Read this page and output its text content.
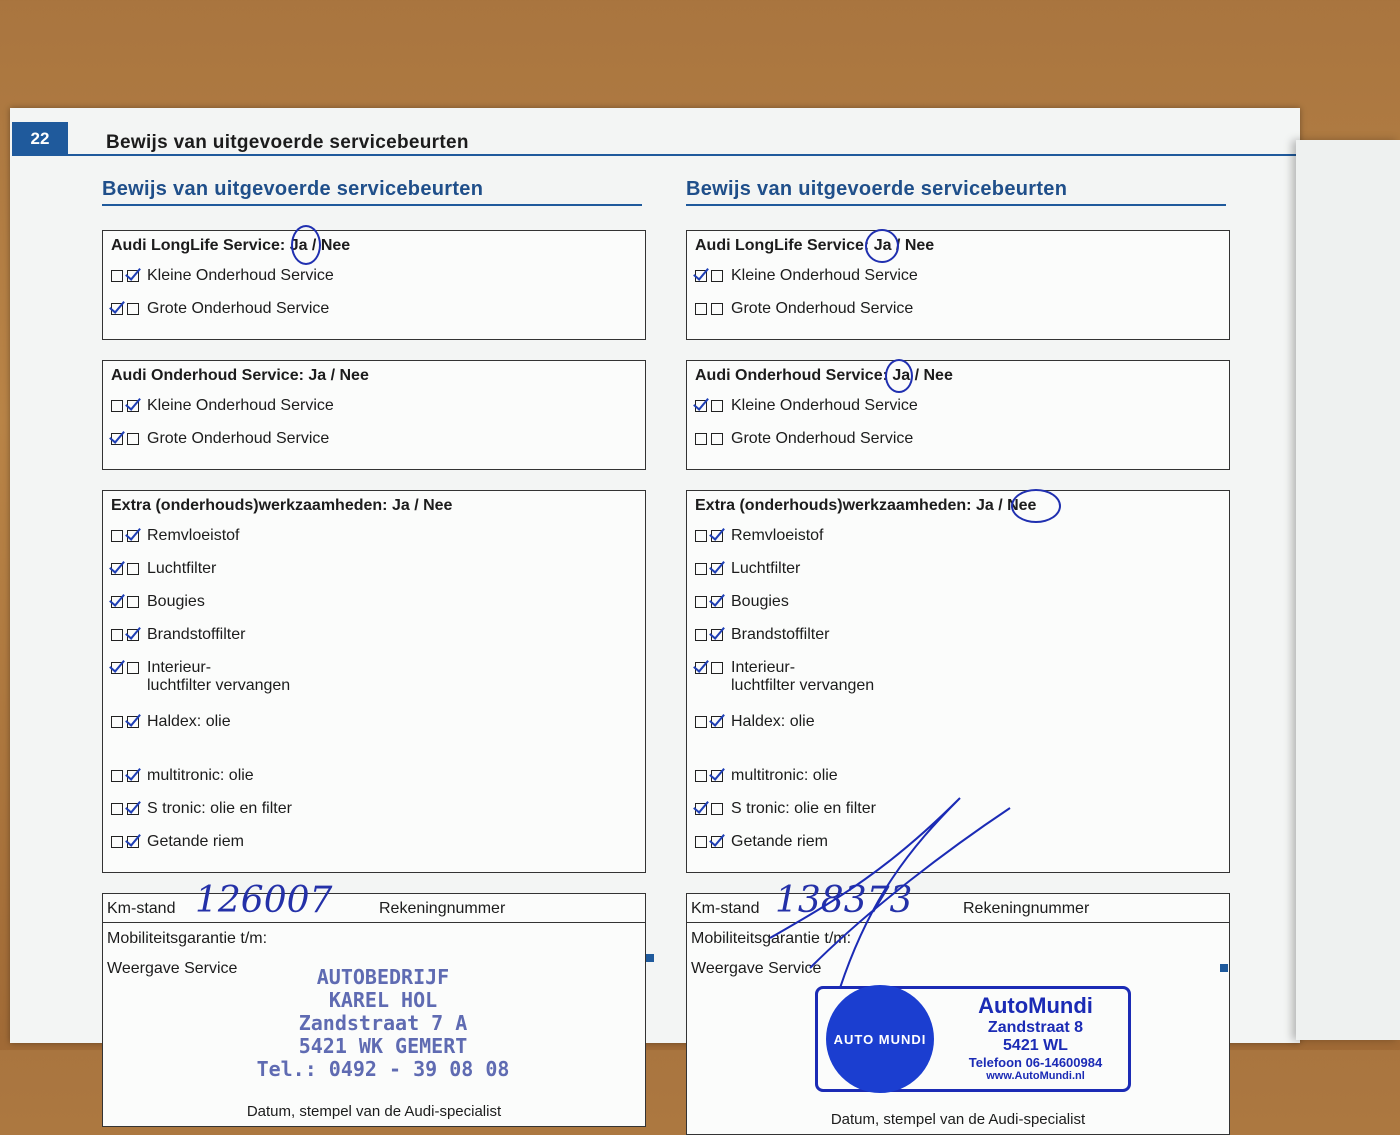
22	Bewijs van uitgevoerde servicebeurten
Bewijs van uitgevoerde servicebeurten
Audi LongLife Service: Ja / Nee
Kleine Onderhoud Service
Grote Onderhoud Service
Audi Onderhoud Service: Ja / Nee
Kleine Onderhoud Service
Grote Onderhoud Service
Extra (onderhouds)werkzaamheden: Ja / Nee
Remvloeistof
Luchtfilter
Bougies
Brandstoffilter
Interieur-
luchtfilter vervangen
Haldex: olie
multitronic: olie
S tronic: olie en filter
Getande riem
Km-stand 126007	Rekeningnummer
Mobiliteitsgarantie t/m:
Weergave Service	AUTOBEDRIJF
KAREL HOL
Zandstraat 7 A
5421 WK GEMERT
Tel.: 0492 - 39 08 08
Datum, stempel van de Audi-specialist
Bewijs van uitgevoerde servicebeurten
Audi LongLife Service: Ja / Nee
Kleine Onderhoud Service
Grote Onderhoud Service
Audi Onderhoud Service: Ja / Nee
Kleine Onderhoud Service
Grote Onderhoud Service
Extra (onderhouds)werkzaamheden: Ja / Nee
Remvloeistof
Luchtfilter
Bougies
Brandstoffilter
Interieur-
luchtfilter vervangen
Haldex: olie
multitronic: olie
S tronic: olie en filter
Getande riem
Km-stand 138373	Rekeningnummer
Mobiliteitsgarantie t/m:
Weergave Service
AUTO MUNDI
AutoMundi
Zandstraat 8
5421 WL
Telefoon 06-14600984
www.AutoMundi.nl
Datum, stempel van de Audi-specialist
